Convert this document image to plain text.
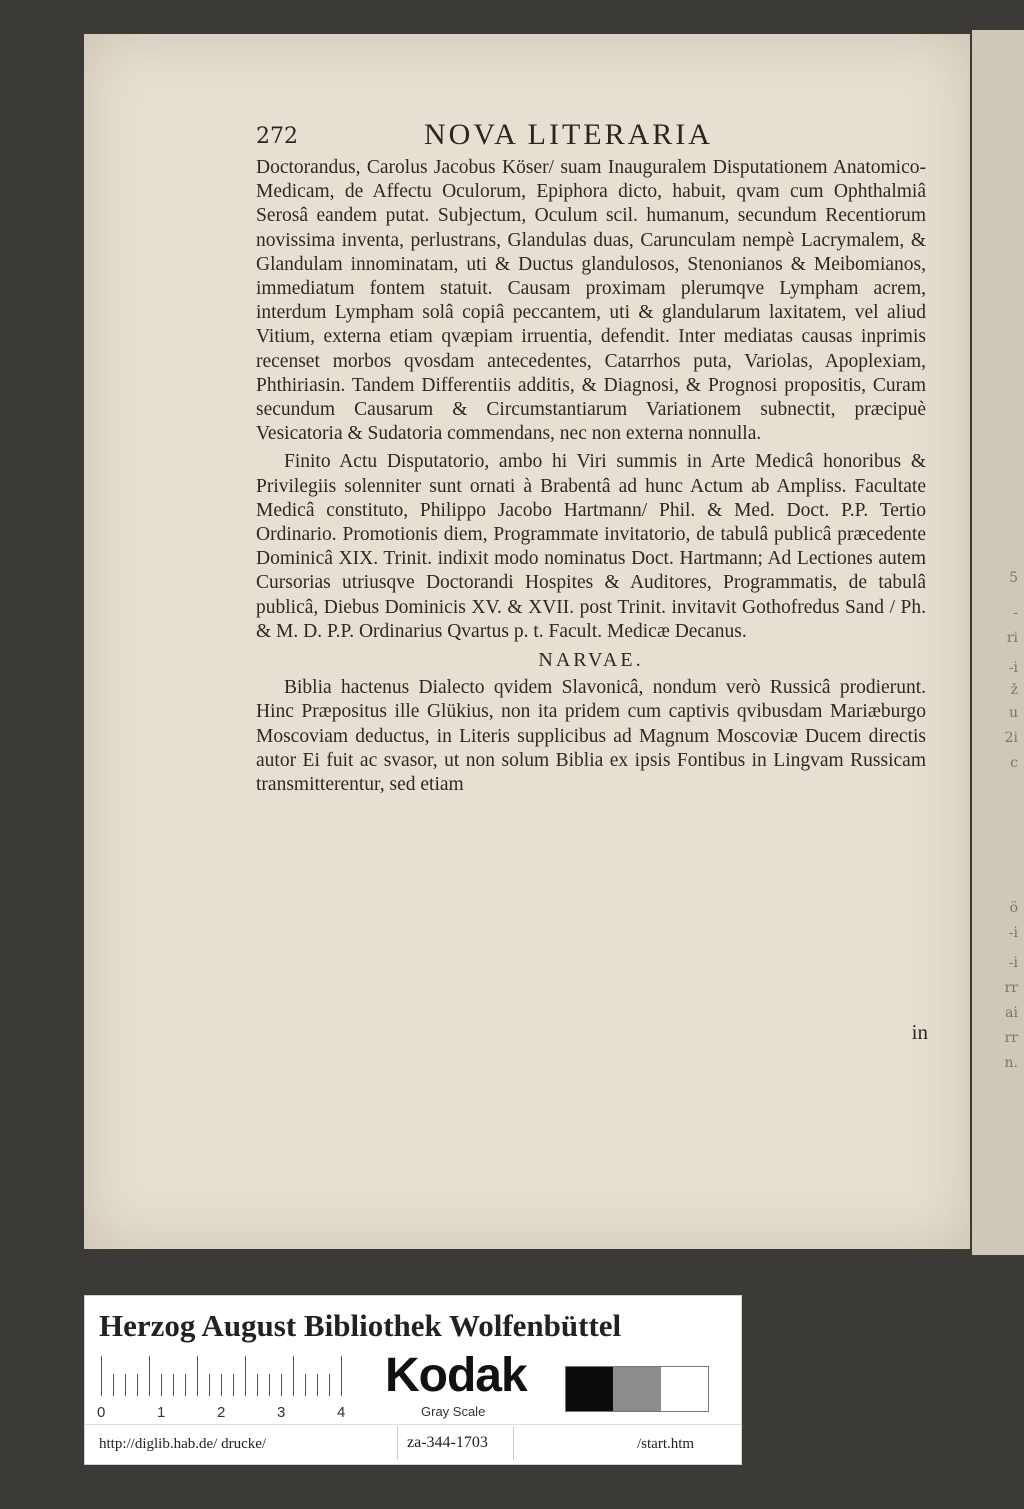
5
-
ri
-i
ž
u
2i
c
ö
-i
-i
rr
ai
rr
n.
272	NOVA LITERARIA

Doctorandus, Carolus Jacobus Köser/ suam Inauguralem Disputationem Anatomico-Medicam, de Affectu Oculorum, Epiphora dicto, habuit, qvam cum Ophthalmiâ Serosâ eandem putat. Subjectum, Oculum scil. humanum, secundum Recentiorum novissima inventa, perlustrans, Glandulas duas, Carunculam nempè Lacrymalem, & Glandulam innominatam, uti & Ductus glandulosos, Stenonianos & Meibomianos, immediatum fontem statuit. Causam proximam plerumqve Lympham acrem, interdum Lympham solâ copiâ peccantem, uti & glandularum laxitatem, vel aliud Vitium, externa etiam qvæpiam irruentia, defendit. Inter mediatas causas inprimis recenset morbos qvosdam antecedentes, Catarrhos puta, Variolas, Apoplexiam, Phthiriasin. Tandem Differentiis additis, & Diagnosi, & Prognosi propositis, Curam secundum Causarum & Circumstantiarum Variationem subnectit, præcipuè Vesicatoria & Sudatoria commendans, nec non externa nonnulla.

Finito Actu Disputatorio, ambo hi Viri summis in Arte Medicâ honoribus & Privilegiis solenniter sunt ornati à Brabentâ ad hunc Actum ab Ampliss. Facultate Medicâ constituto, Philippo Jacobo Hartmann/ Phil. & Med. Doct. P.P. Tertio Ordinario. Promotionis diem, Programmate invitatorio, de tabulâ publicâ præcedente Dominicâ XIX. Trinit. indixit modo nominatus Doct. Hartmann; Ad Lectiones autem Cursorias utriusqve Doctorandi Hospites & Auditores, Programmatis, de tabulâ publicâ, Diebus Dominicis XV. & XVII. post Trinit. invitavit Gothofredus Sand / Ph. & M. D. P.P. Ordinarius Qvartus p. t. Facult. Medicæ Decanus.

NARVAE.

Biblia hactenus Dialecto qvidem Slavonicâ, nondum verò Russicâ prodierunt. Hinc Præpositus ille Glükius, non ita pridem cum captivis qvibusdam Mariæburgo Moscoviam deductus, in Literis supplicibus ad Magnum Moscoviæ Ducem directis autor Ei fuit ac svasor, ut non solum Biblia ex ipsis Fontibus in Lingvam Russicam transmitterentur, sed etiam

in
Herzog August Bibliothek Wolfenbüttel
0	1	2	3	4
Kodak
Gray Scale
http://diglib.hab.de/ drucke/	za-344-1703	/start.htm
